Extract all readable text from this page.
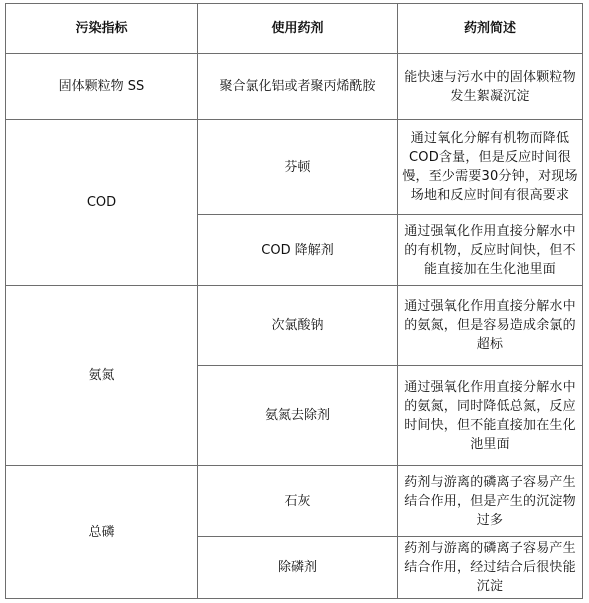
污染指标	使用药剂	药剂简述
固体颗粒物 SS	聚合氯化铝或者聚丙烯酰胺	能快速与污水中的固体颗粒物发生絮凝沉淀
COD	芬顿	通过氧化分解有机物而降低COD含量，但是反应时间很慢，至少需要30分钟，对现场场地和反应时间有很高要求
	COD 降解剂	通过强氧化作用直接分解水中的有机物，反应时间快，但不能直接加在生化池里面
氨氮	次氯酸钠	通过强氧化作用直接分解水中的氨氮，但是容易造成余氯的超标
	氨氮去除剂	通过强氧化作用直接分解水中的氨氮，同时降低总氮，反应时间快，但不能直接加在生化池里面
总磷	石灰	药剂与游离的磷离子容易产生结合作用，但是产生的沉淀物过多
	除磷剂	药剂与游离的磷离子容易产生结合作用，经过结合后很快能沉淀
